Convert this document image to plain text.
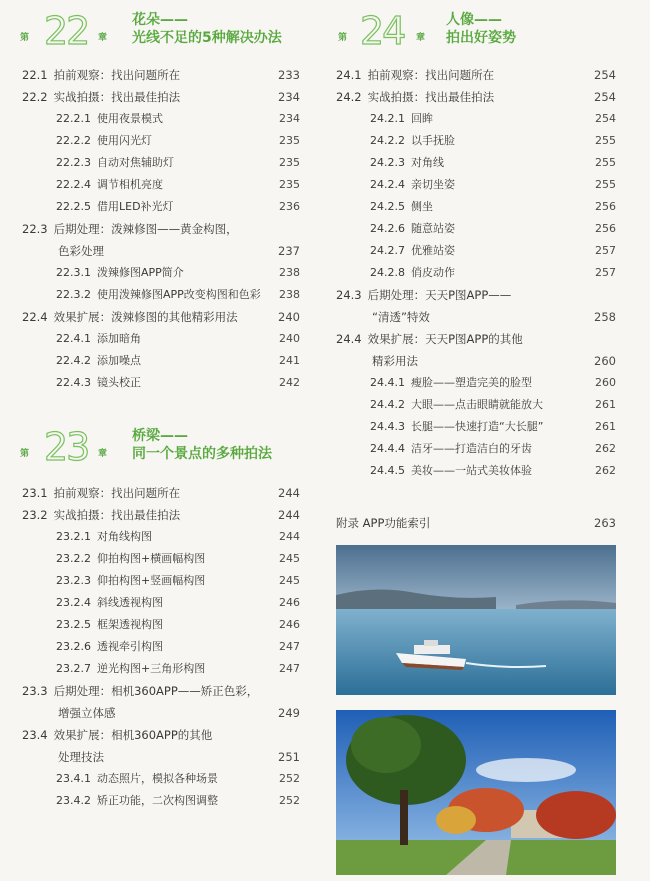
第 22 章
花朵——
光线不足的5种解决办法
22.1 拍前观察：找出问题所在	233
22.2 实战拍摄：找出最佳拍法	234
22.2.1 使用夜景模式	234
22.2.2 使用闪光灯	235
22.2.3 自动对焦辅助灯	235
22.2.4 调节相机亮度	235
22.2.5 借用LED补光灯	236
22.3 后期处理：泼辣修图——黄金构图，
色彩处理	237
22.3.1 泼辣修图APP简介	238
22.3.2 使用泼辣修图APP改变构图和色彩 238
22.4 效果扩展：泼辣修图的其他精彩用法	240
22.4.1 添加暗角	240
22.4.2 添加噪点	241
22.4.3 镜头校正	242
第 23 章
桥梁——
同一个景点的多种拍法
23.1 拍前观察：找出问题所在	244
23.2 实战拍摄：找出最佳拍法	244
23.2.1 对角线构图	244
23.2.2 仰拍构图+横画幅构图	245
23.2.3 仰拍构图+竖画幅构图	245
23.2.4 斜线透视构图	246
23.2.5 框架透视构图	246
23.2.6 透视牵引构图	247
23.2.7 逆光构图+三角形构图	247
23.3 后期处理：相机360APP——矫正色彩，
增强立体感	249
23.4 效果扩展：相机360APP的其他
处理技法	251
23.4.1 动态照片，模拟各种场景	252
23.4.2 矫正功能，二次构图调整	252
第 24 章
人像——
拍出好姿势
24.1 拍前观察：找出问题所在	254
24.2 实战拍摄：找出最佳拍法	254
24.2.1 回眸	254
24.2.2 以手抚脸	255
24.2.3 对角线	255
24.2.4 亲切坐姿	255
24.2.5 侧坐	256
24.2.6 随意站姿	256
24.2.7 优雅站姿	257
24.2.8 俏皮动作	257
24.3 后期处理：天天P图APP——
“清透”特效	258
24.4 效果扩展：天天P图APP的其他
精彩用法	260
24.4.1 瘦脸——塑造完美的脸型	260
24.4.2 大眼——点击眼睛就能放大	261
24.4.3 长腿——快速打造“大长腿”	261
24.4.4 洁牙——打造洁白的牙齿	262
24.4.5 美妆——一站式美妆体验	262
附录 APP功能索引	263
